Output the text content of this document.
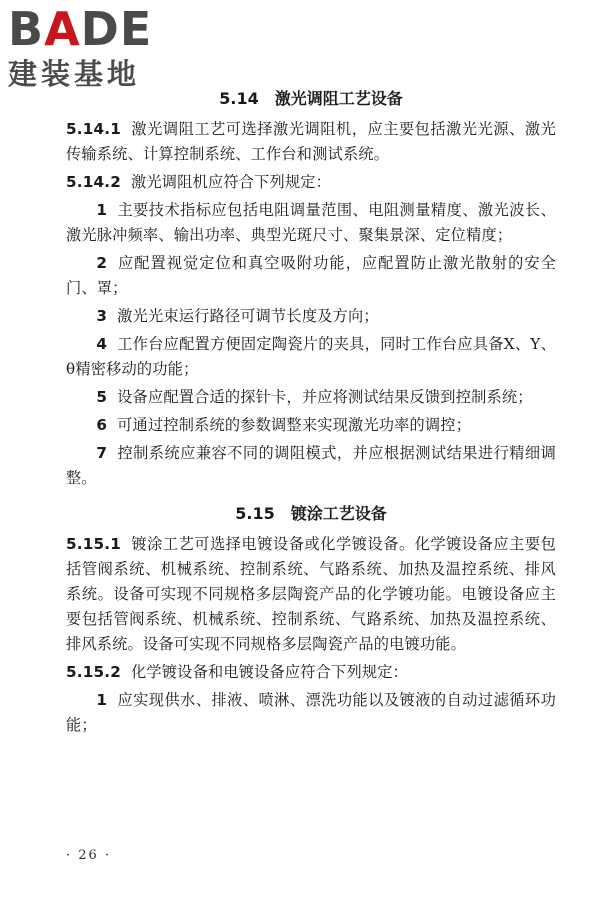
BADE
建装基地
5.14　激光调阻工艺设备

5.14.1 激光调阻工艺可选择激光调阻机，应主要包括激光光源、激光传输系统、计算控制系统、工作台和测试系统。

5.14.2 激光调阻机应符合下列规定：

1 主要技术指标应包括电阻调量范围、电阻测量精度、激光波长、激光脉冲频率、输出功率、典型光斑尺寸、聚集景深、定位精度；

2 应配置视觉定位和真空吸附功能，应配置防止激光散射的安全门、罩；

3 激光光束运行路径可调节长度及方向；

4 工作台应配置方便固定陶瓷片的夹具，同时工作台应具备X、Y、θ精密移动的功能；

5 设备应配置合适的探针卡，并应将测试结果反馈到控制系统；

6 可通过控制系统的参数调整来实现激光功率的调控；

7 控制系统应兼容不同的调阻模式，并应根据测试结果进行精细调整。

5.15　镀涂工艺设备

5.15.1 镀涂工艺可选择电镀设备或化学镀设备。化学镀设备应主要包括管阀系统、机械系统、控制系统、气路系统、加热及温控系统、排风系统。设备可实现不同规格多层陶瓷产品的化学镀功能。电镀设备应主要包括管阀系统、机械系统、控制系统、气路系统、加热及温控系统、排风系统。设备可实现不同规格多层陶瓷产品的电镀功能。

5.15.2 化学镀设备和电镀设备应符合下列规定：

1 应实现供水、排液、喷淋、漂洗功能以及镀液的自动过滤循环功能；

· 26 ·
